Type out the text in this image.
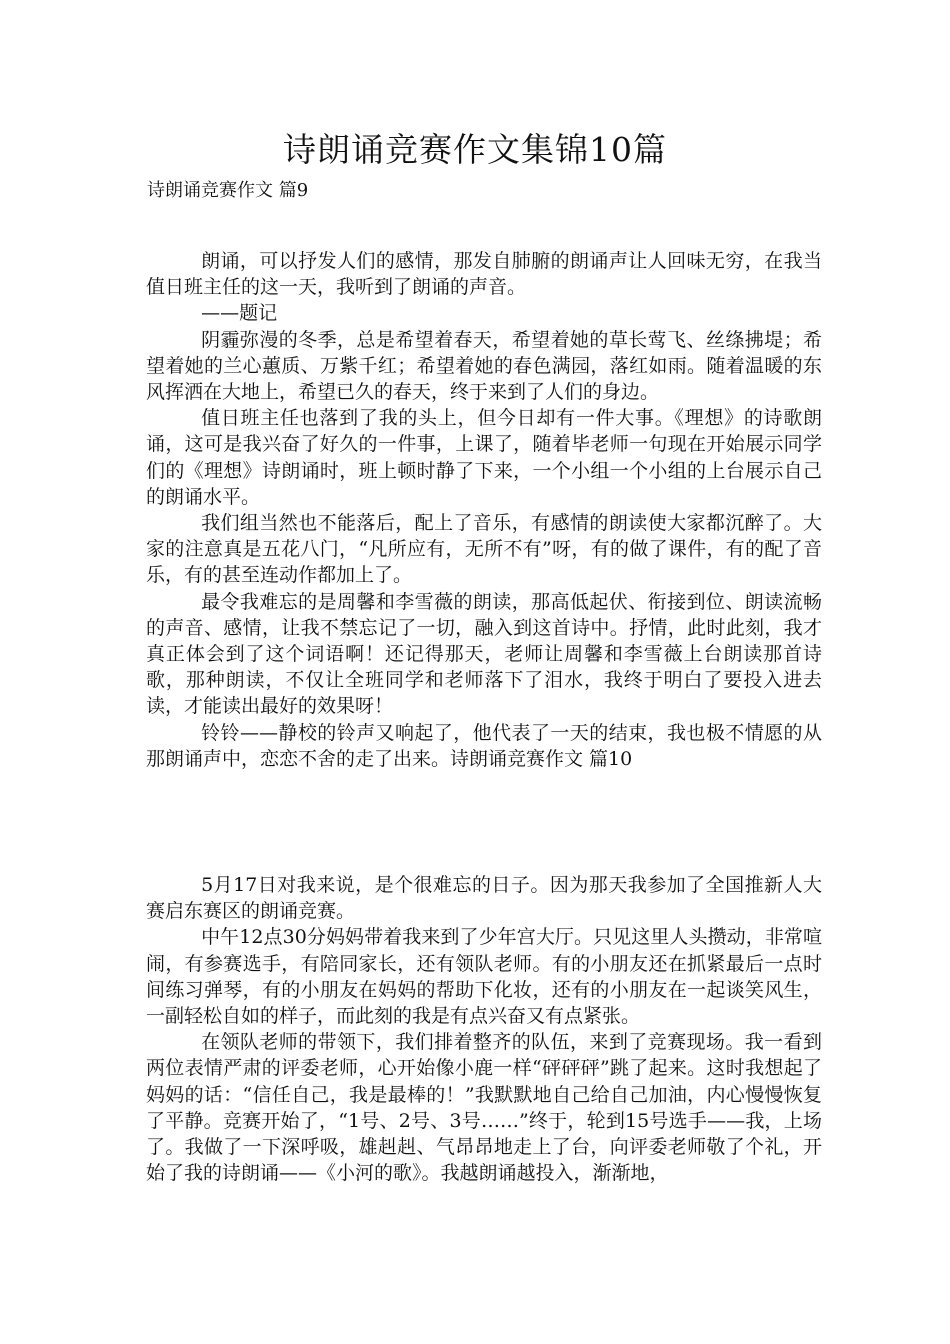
诗朗诵竞赛作文集锦10篇
诗朗诵竞赛作文 篇9

朗诵，可以抒发人们的感情，那发自肺腑的朗诵声让人回味无穷，在我当值日班主任的这一天，我听到了朗诵的声音。

——题记

阴霾弥漫的冬季，总是希望着春天，希望着她的草长莺飞、丝绦拂堤；希望着她的兰心蕙质、万紫千红；希望着她的春色满园，落红如雨。随着温暖的东风挥洒在大地上，希望已久的春天，终于来到了人们的身边。

值日班主任也落到了我的头上，但今日却有一件大事。《理想》的诗歌朗诵，这可是我兴奋了好久的一件事，上课了，随着毕老师一句现在开始展示同学们的《理想》诗朗诵时，班上顿时静了下来，一个小组一个小组的上台展示自己的朗诵水平。

我们组当然也不能落后，配上了音乐，有感情的朗读使大家都沉醉了。大家的注意真是五花八门，“凡所应有，无所不有”呀，有的做了课件，有的配了音乐，有的甚至连动作都加上了。

最令我难忘的是周馨和李雪薇的朗读，那高低起伏、衔接到位、朗读流畅的声音、感情，让我不禁忘记了一切，融入到这首诗中。抒情，此时此刻，我才真正体会到了这个词语啊！还记得那天，老师让周馨和李雪薇上台朗读那首诗歌，那种朗读，不仅让全班同学和老师落下了泪水，我终于明白了要投入进去读，才能读出最好的效果呀！

铃铃——静校的铃声又响起了，他代表了一天的结束，我也极不情愿的从那朗诵声中，恋恋不舍的走了出来。诗朗诵竞赛作文 篇10

5月17日对我来说，是个很难忘的日子。因为那天我参加了全国推新人大赛启东赛区的朗诵竞赛。

中午12点30分妈妈带着我来到了少年宫大厅。只见这里人头攒动，非常喧闹，有参赛选手，有陪同家长，还有领队老师。有的小朋友还在抓紧最后一点时间练习弹琴，有的小朋友在妈妈的帮助下化妆，还有的小朋友在一起谈笑风生，一副轻松自如的样子，而此刻的我是有点兴奋又有点紧张。

在领队老师的带领下，我们排着整齐的队伍，来到了竞赛现场。我一看到两位表情严肃的评委老师，心开始像小鹿一样“砰砰砰”跳了起来。这时我想起了妈妈的话：“信任自己，我是最棒的！”我默默地自己给自己加油，内心慢慢恢复了平静。竞赛开始了，“1号、2号、3号……”终于，轮到15号选手——我，上场了。我做了一下深呼吸，雄赳赳、气昂昂地走上了台，向评委老师敬了个礼，开始了我的诗朗诵——《小河的歌》。我越朗诵越投入，渐渐地，
